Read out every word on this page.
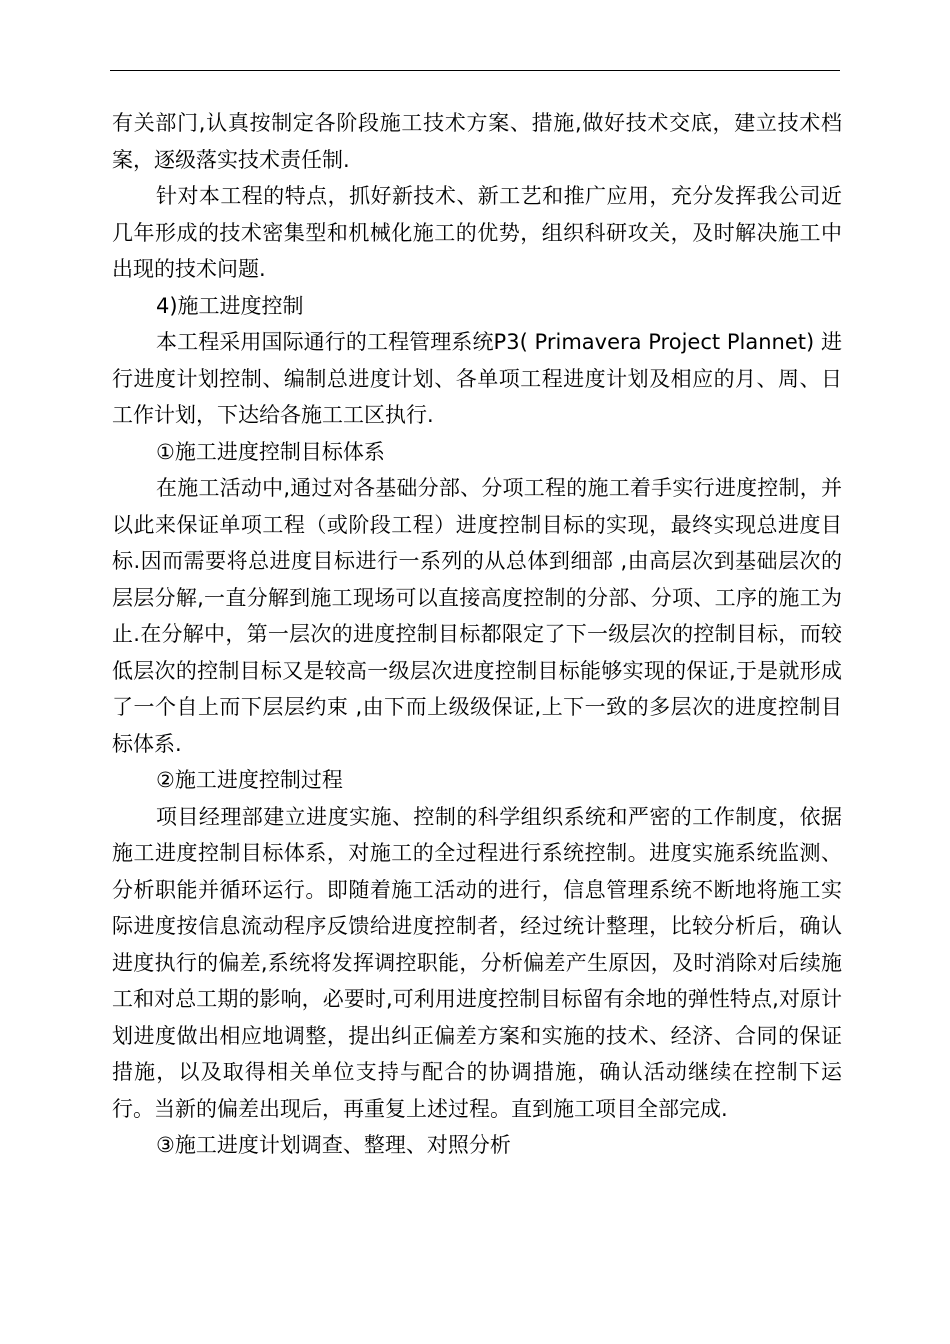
有关部门,认真按制定各阶段施工技术方案、措施,做好技术交底，建立技术档案，逐级落实技术责任制.

针对本工程的特点，抓好新技术、新工艺和推广应用，充分发挥我公司近几年形成的技术密集型和机械化施工的优势，组织科研攻关，及时解决施工中出现的技术问题.

4)施工进度控制

本工程采用国际通行的工程管理系统P3( Primavera Project Plannet) 进行进度计划控制、编制总进度计划、各单项工程进度计划及相应的月、周、日工作计划，下达给各施工工区执行.

①施工进度控制目标体系

在施工活动中,通过对各基础分部、分项工程的施工着手实行进度控制，并以此来保证单项工程（或阶段工程）进度控制目标的实现，最终实现总进度目标.因而需要将总进度目标进行一系列的从总体到细部 ,由高层次到基础层次的层层分解,一直分解到施工现场可以直接高度控制的分部、分项、工序的施工为止.在分解中，第一层次的进度控制目标都限定了下一级层次的控制目标，而较低层次的控制目标又是较高一级层次进度控制目标能够实现的保证,于是就形成了一个自上而下层层约束 ,由下而上级级保证,上下一致的多层次的进度控制目标体系.

②施工进度控制过程

项目经理部建立进度实施、控制的科学组织系统和严密的工作制度，依据施工进度控制目标体系，对施工的全过程进行系统控制。进度实施系统监测、分析职能并循环运行。即随着施工活动的进行，信息管理系统不断地将施工实际进度按信息流动程序反馈给进度控制者，经过统计整理，比较分析后，确认进度执行的偏差,系统将发挥调控职能，分析偏差产生原因，及时消除对后续施工和对总工期的影响，必要时,可利用进度控制目标留有余地的弹性特点,对原计划进度做出相应地调整，提出纠正偏差方案和实施的技术、经济、合同的保证措施，以及取得相关单位支持与配合的协调措施，确认活动继续在控制下运行。当新的偏差出现后，再重复上述过程。直到施工项目全部完成.

③施工进度计划调查、整理、对照分析
